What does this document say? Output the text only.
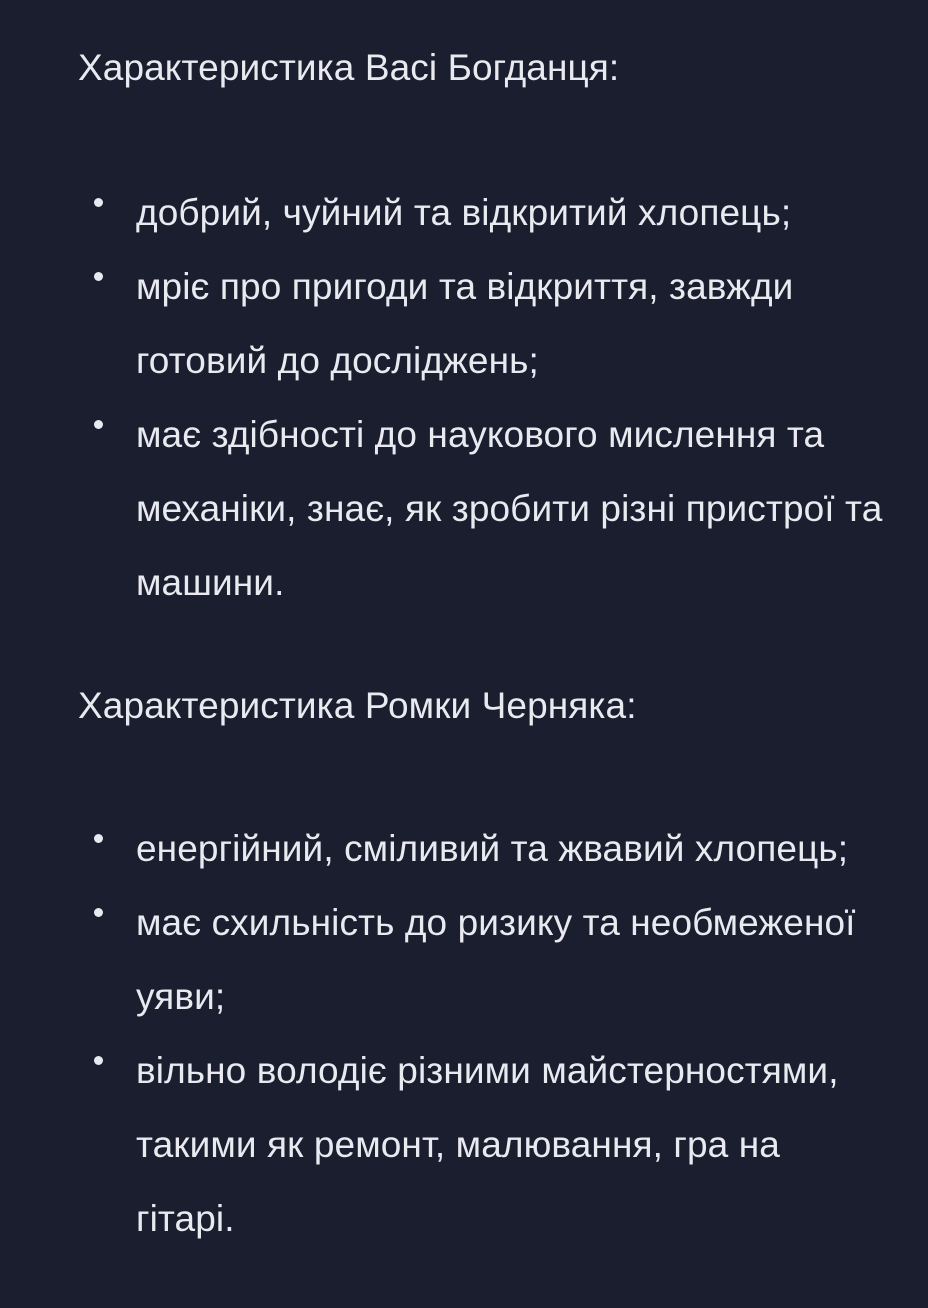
Характеристика Васі Богданця:
добрий, чуйний та відкритий хлопець;
мріє про пригоди та відкриття, завжди готовий до досліджень;
має здібності до наукового мислення та механіки, знає, як зробити різні пристрої та машини.
Характеристика Ромки Черняка:
енергійний, сміливий та жвавий хлопець;
має схильність до ризику та необмеженої уяви;
вільно володіє різними майстерностями, такими як ремонт, малювання, гра на гітарі.
